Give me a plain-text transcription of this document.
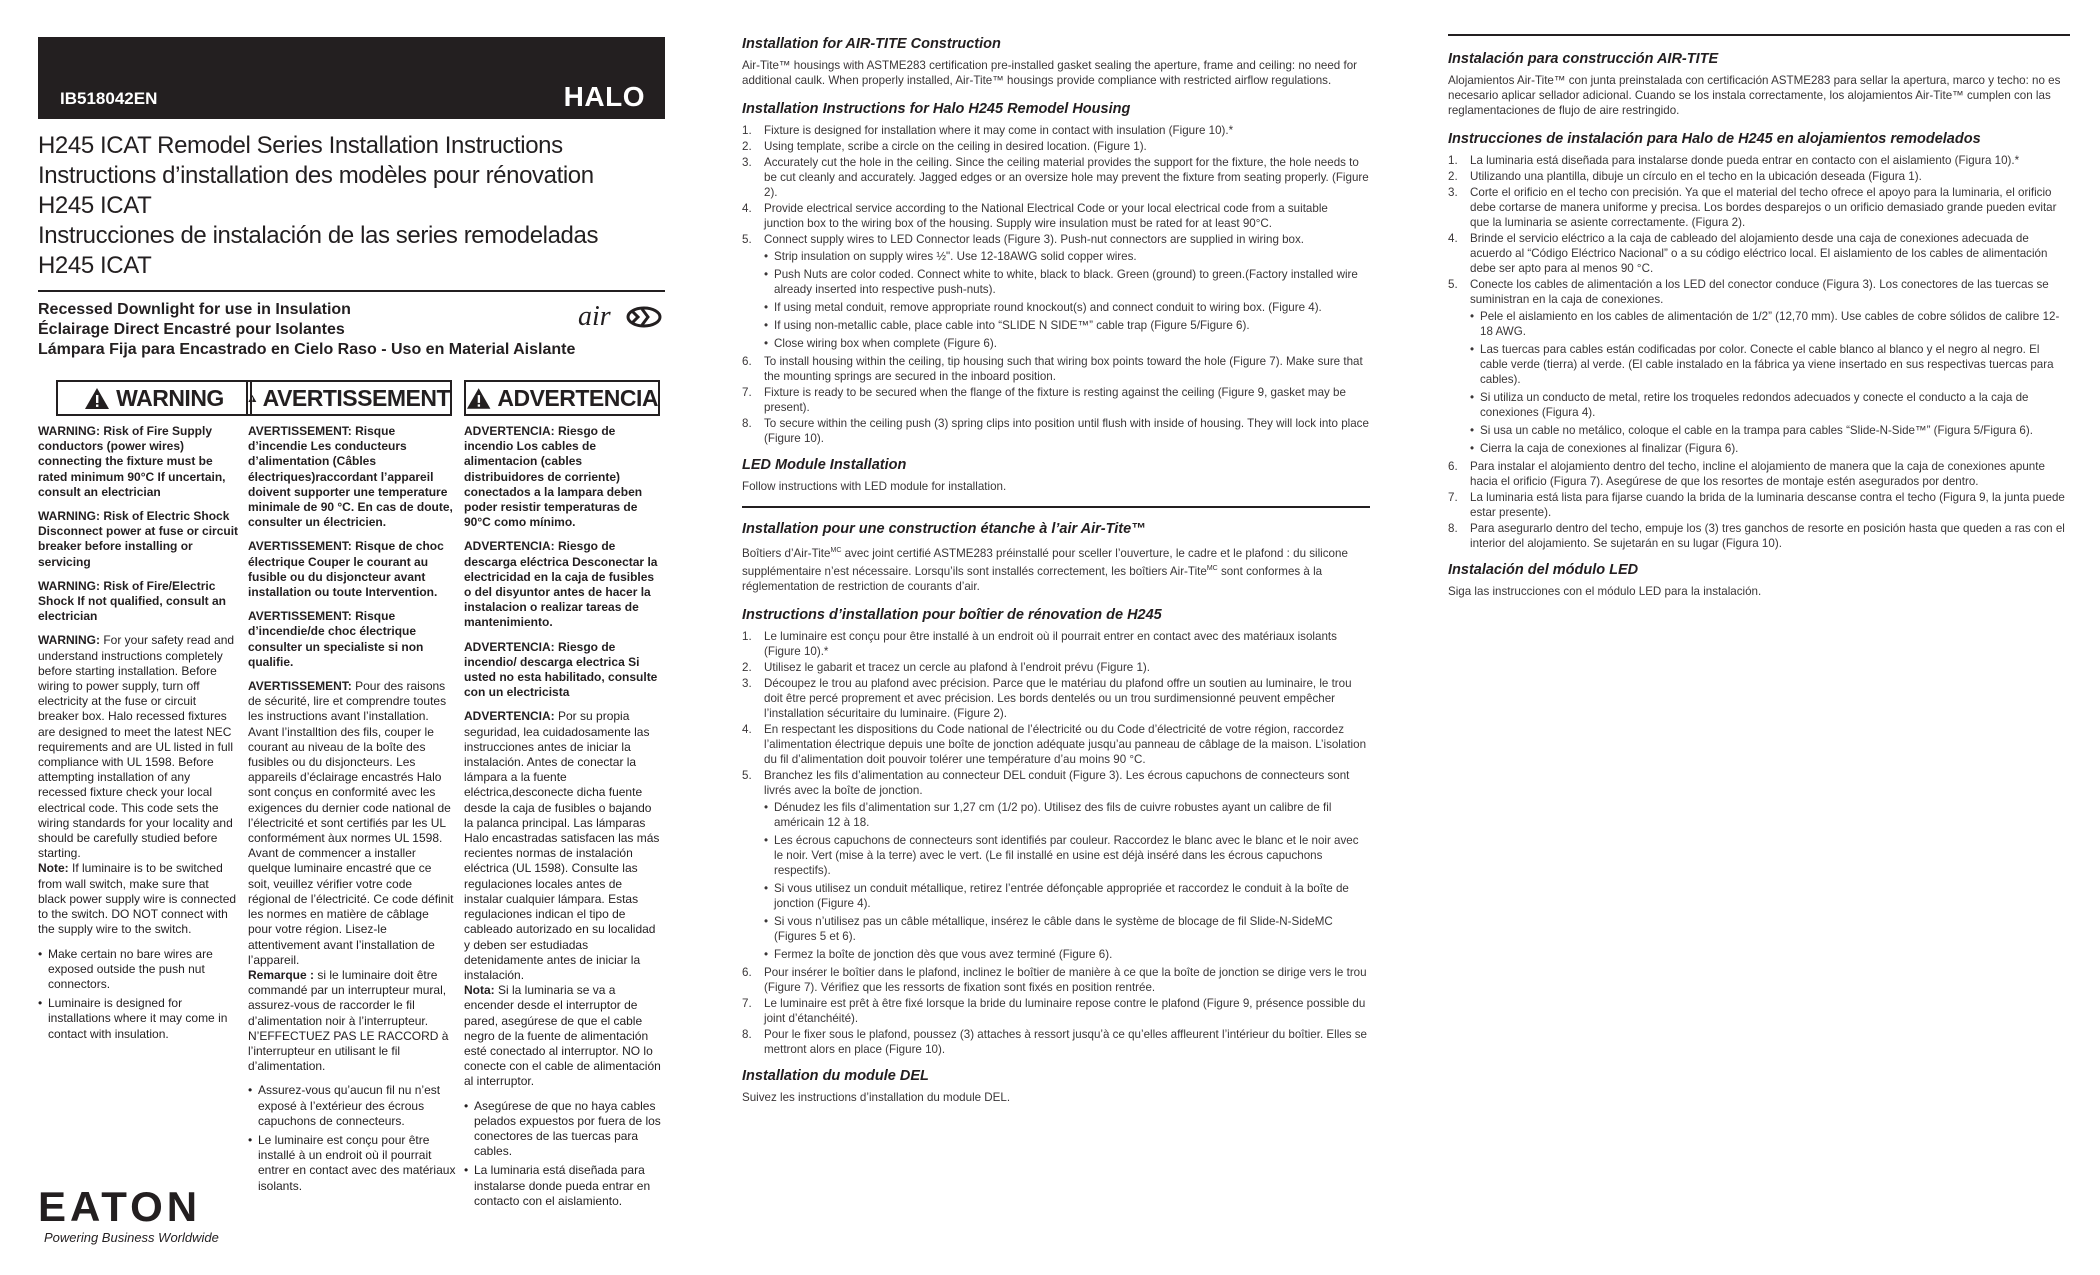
IB518042EN	HALO
H245 ICAT Remodel Series Installation Instructions
Instructions d’installation des modèles pour rénovation
H245 ICAT
Instrucciones de instalación de las series remodeladas
H245 ICAT
Recessed Downlight for use in Insulation
Éclairage Direct Encastré pour Isolantes
Lámpara Fija para Encastrado en Cielo Raso - Uso en Material Aislante
air
WARNING AVERTISSEMENT ADVERTENCIA

WARNING: Risk of Fire Supply conductors (power wires) connecting the fixture must be rated minimum 90°C If uncertain, consult an electrician

WARNING: Risk of Electric Shock Disconnect power at fuse or circuit breaker before installing or servicing

WARNING: Risk of Fire/Electric Shock If not qualified, consult an electrician

WARNING: For your safety read and understand instructions completely before starting installation. Before wiring to power supply, turn off electricity at the fuse or circuit breaker box. Halo recessed fixtures are designed to meet the latest NEC requirements and are UL listed in full compliance with UL 1598. Before attempting installation of any recessed fixture check your local electrical code. This code sets the wiring standards for your locality and should be carefully studied before starting.

Note: If luminaire is to be switched from wall switch, make sure that black power supply wire is connected to the switch. DO NOT connect with the supply wire to the switch.

• Make certain no bare wires are exposed outside the push nut connectors.
• Luminaire is designed for installations where it may come in contact with insulation.

AVERTISSEMENT: Risque d’incendie Les conducteurs d’alimentation (Câbles électriques)raccordant l’appareil doivent supporter une temperature minimale de 90 °C. En cas de doute, consulter un électricien.

AVERTISSEMENT: Risque de choc électrique Couper le courant au fusible ou du disjoncteur avant installation ou toute Intervention.

AVERTISSEMENT: Risque d’incendie/de choc électrique consulter un specialiste si non qualifie.

AVERTISSEMENT: Pour des raisons de sécurité, lire et comprendre toutes les instructions avant l’installation. Avant l’installtion des fils, couper le courant au niveau de la boîte des fusibles ou du disjoncteurs. Les appareils d’éclairage encastrés Halo sont conçus en conformité avec les exigences du dernier code national de l’électricité et sont certifiés par les UL conformément àux normes UL 1598. Avant de commencer a installer quelque luminaire encastré que ce soit, veuillez vérifier votre code régional de l’électricité. Ce code définit les normes en matière de câblage pour votre région. Lisez-le attentivement avant l’installation de l’appareil.

Remarque : si le luminaire doit être commandé par un interrupteur mural, assurez-vous de raccorder le fil d’alimentation noir à l’interrupteur. N’EFFECTUEZ PAS LE RACCORD à l’interrupteur en utilisant le fil d’alimentation.

• Assurez-vous qu’aucun fil nu n’est exposé à l’extérieur des écrous capuchons de connecteurs.
• Le luminaire est conçu pour être installé à un endroit où il pourrait entrer en contact avec des matériaux isolants.

ADVERTENCIA: Riesgo de incendio Los cables de alimentacion (cables distribuidores de corriente) conectados a la lampara deben poder resistir temperaturas de 90°C como mínimo.

ADVERTENCIA: Riesgo de descarga eléctrica Desconectar la electricidad en la caja de fusibles o del disyuntor antes de hacer la instalacion o realizar tareas de mantenimiento.

ADVERTENCIA: Riesgo de incendio/ descarga electrica Si usted no esta habilitado, consulte con un electricista

ADVERTENCIA: Por su propia seguridad, lea cuidadosamente las instrucciones antes de iniciar la instalación. Antes de conectar la lámpara a la fuente eléctrica,desconecte dicha fuente desde la caja de fusibles o bajando la palanca principal. Las lámparas Halo encastradas satisfacen las más recientes normas de instalación eléctrica (UL 1598). Consulte las regulaciones locales antes de instalar cualquier lámpara. Estas regulaciones indican el tipo de cableado autorizado en su localidad y deben ser estudiadas detenidamente antes de iniciar la instalación.

Nota: Si la luminaria se va a encender desde el interruptor de pared, asegúrese de que el cable negro de la fuente de alimentación esté conectado al interruptor. NO lo conecte con el cable de alimentación al interruptor.

• Asegúrese de que no haya cables pelados expuestos por fuera de los conectores de las tuercas para cables.
• La luminaria está diseñada para instalarse donde pueda entrar en contacto con el aislamiento.
EATON
Powering Business Worldwide
Installation for AIR-TITE Construction
Air-Tite™ housings with ASTME283 certification pre-installed gasket sealing the aperture, frame and ceiling: no need for additional caulk. When properly installed, Air-Tite™ housings provide compliance with restricted airflow regulations.
Installation Instructions for Halo H245 Remodel Housing
1. Fixture is designed for installation where it may come in contact with insulation (Figure 10).*
2. Using template, scribe a circle on the ceiling in desired location. (Figure 1).
3. Accurately cut the hole in the ceiling. Since the ceiling material provides the support for the fixture, the hole needs to be cut cleanly and accurately. Jagged edges or an oversize hole may prevent the fixture from seating properly. (Figure 2).
4. Provide electrical service according to the National Electrical Code or your local electrical code from a suitable junction box to the wiring box of the housing. Supply wire insulation must be rated for at least 90°C.
5. Connect supply wires to LED Connector leads (Figure 3). Push-nut connectors are supplied in wiring box.
• Strip insulation on supply wires ½". Use 12-18AWG solid copper wires.
• Push Nuts are color coded. Connect white to white, black to black. Green (ground) to green.(Factory installed wire already inserted into respective push-nuts).
• If using metal conduit, remove appropriate round knockout(s) and connect conduit to wiring box. (Figure 4).
• If using non-metallic cable, place cable into “SLIDE N SIDE™” cable trap (Figure 5/Figure 6).
• Close wiring box when complete (Figure 6).
6. To install housing within the ceiling, tip housing such that wiring box points toward the hole (Figure 7). Make sure that the mounting springs are secured in the inboard position.
7. Fixture is ready to be secured when the flange of the fixture is resting against the ceiling (Figure 9, gasket may be present).
8. To secure within the ceiling push (3) spring clips into position until flush with inside of housing. They will lock into place (Figure 10).
LED Module Installation
Follow instructions with LED module for installation.
Installation pour une construction étanche à l’air Air-Tite™
Boîtiers d’Air-Tite$^{MC}$ avec joint certifié ASTME283 préinstallé pour sceller l’ouverture, le cadre et le plafond : du silicone supplémentaire n’est nécessaire. Lorsqu’ils sont installés correctement, les boîtiers Air-Tite$^{MC}$ sont conformes à la réglementation de restriction de courants d’air.
Instructions d’installation pour boîtier de rénovation de H245
1. Le luminaire est conçu pour être installé à un endroit où il pourrait entrer en contact avec des matériaux isolants (Figure 10).*
2. Utilisez le gabarit et tracez un cercle au plafond à l’endroit prévu (Figure 1).
3. Découpez le trou au plafond avec précision. Parce que le matériau du plafond offre un soutien au luminaire, le trou doit être percé proprement et avec précision. Les bords dentelés ou un trou surdimensionné peuvent empêcher l’installation sécuritaire du luminaire. (Figure 2).
4. En respectant les dispositions du Code national de l’électricité ou du Code d’électricité de votre région, raccordez l’alimentation électrique depuis une boîte de jonction adéquate jusqu’au panneau de câblage de la maison. L’isolation du fil d’alimentation doit pouvoir tolérer une température d’au moins 90 °C.
5. Branchez les fils d’alimentation au connecteur DEL conduit (Figure 3). Les écrous capuchons de connecteurs sont livrés avec la boîte de jonction.
• Dénudez les fils d’alimentation sur 1,27 cm (1/2 po). Utilisez des fils de cuivre robustes ayant un calibre de fil américain 12 à 18.
• Les écrous capuchons de connecteurs sont identifiés par couleur. Raccordez le blanc avec le blanc et le noir avec le noir. Vert (mise à la terre) avec le vert. (Le fil installé en usine est déjà inséré dans les écrous capuchons respectifs).
• Si vous utilisez un conduit métallique, retirez l’entrée défonçable appropriée et raccordez le conduit à la boîte de jonction (Figure 4).
• Si vous n’utilisez pas un câble métallique, insérez le câble dans le système de blocage de fil Slide-N-SideMC (Figures 5 et 6).
• Fermez la boîte de jonction dès que vous avez terminé (Figure 6).
6. Pour insérer le boîtier dans le plafond, inclinez le boîtier de manière à ce que la boîte de jonction se dirige vers le trou (Figure 7). Vérifiez que les ressorts de fixation sont fixés en position rentrée.
7. Le luminaire est prêt à être fixé lorsque la bride du luminaire repose contre le plafond (Figure 9, présence possible du joint d’étanchéité).
8. Pour le fixer sous le plafond, poussez (3) attaches à ressort jusqu’à ce qu’elles affleurent l’intérieur du boîtier. Elles se mettront alors en place (Figure 10).
Installation du module DEL
Suivez les instructions d’installation du module DEL.
Instalación para construcción AIR-TITE
Alojamientos Air-Tite™ con junta preinstalada con certificación ASTME283 para sellar la apertura, marco y techo: no es necesario aplicar sellador adicional. Cuando se los instala correctamente, los alojamientos Air-Tite™ cumplen con las reglamentaciones de flujo de aire restringido.
Instrucciones de instalación para Halo de H245 en alojamientos remodelados
1. La luminaria está diseñada para instalarse donde pueda entrar en contacto con el aislamiento (Figura 10).*
2. Utilizando una plantilla, dibuje un círculo en el techo en la ubicación deseada (Figura 1).
3. Corte el orificio en el techo con precisión. Ya que el material del techo ofrece el apoyo para la luminaria, el orificio debe cortarse de manera uniforme y precisa. Los bordes desparejos o un orificio demasiado grande pueden evitar que la luminaria se asiente correctamente. (Figura 2).
4. Brinde el servicio eléctrico a la caja de cableado del alojamiento desde una caja de conexiones adecuada de acuerdo al “Código Eléctrico Nacional” o a su código eléctrico local. El aislamiento de los cables de alimentación debe ser apto para al menos 90 °C.
5. Conecte los cables de alimentación a los LED del conector conduce (Figura 3). Los conectores de las tuercas se suministran en la caja de conexiones.
• Pele el aislamiento en los cables de alimentación de 1/2” (12,70 mm). Use cables de cobre sólidos de calibre 12-18 AWG.
• Las tuercas para cables están codificadas por color. Conecte el cable blanco al blanco y el negro al negro. El cable verde (tierra) al verde. (El cable instalado en la fábrica ya viene insertado en sus respectivas tuercas para cables).
• Si utiliza un conducto de metal, retire los troqueles redondos adecuados y conecte el conducto a la caja de conexiones (Figura 4).
• Si usa un cable no metálico, coloque el cable en la trampa para cables “Slide-N-Side™” (Figura 5/Figura 6).
• Cierra la caja de conexiones al finalizar (Figura 6).
6. Para instalar el alojamiento dentro del techo, incline el alojamiento de manera que la caja de conexiones apunte hacia el orificio (Figura 7). Asegúrese de que los resortes de montaje estén asegurados por dentro.
7. La luminaria está lista para fijarse cuando la brida de la luminaria descanse contra el techo (Figura 9, la junta puede estar presente).
8. Para asegurarlo dentro del techo, empuje los (3) tres ganchos de resorte en posición hasta que queden a ras con el interior del alojamiento. Se sujetarán en su lugar (Figura 10).
Instalación del módulo LED
Siga las instrucciones con el módulo LED para la instalación.
